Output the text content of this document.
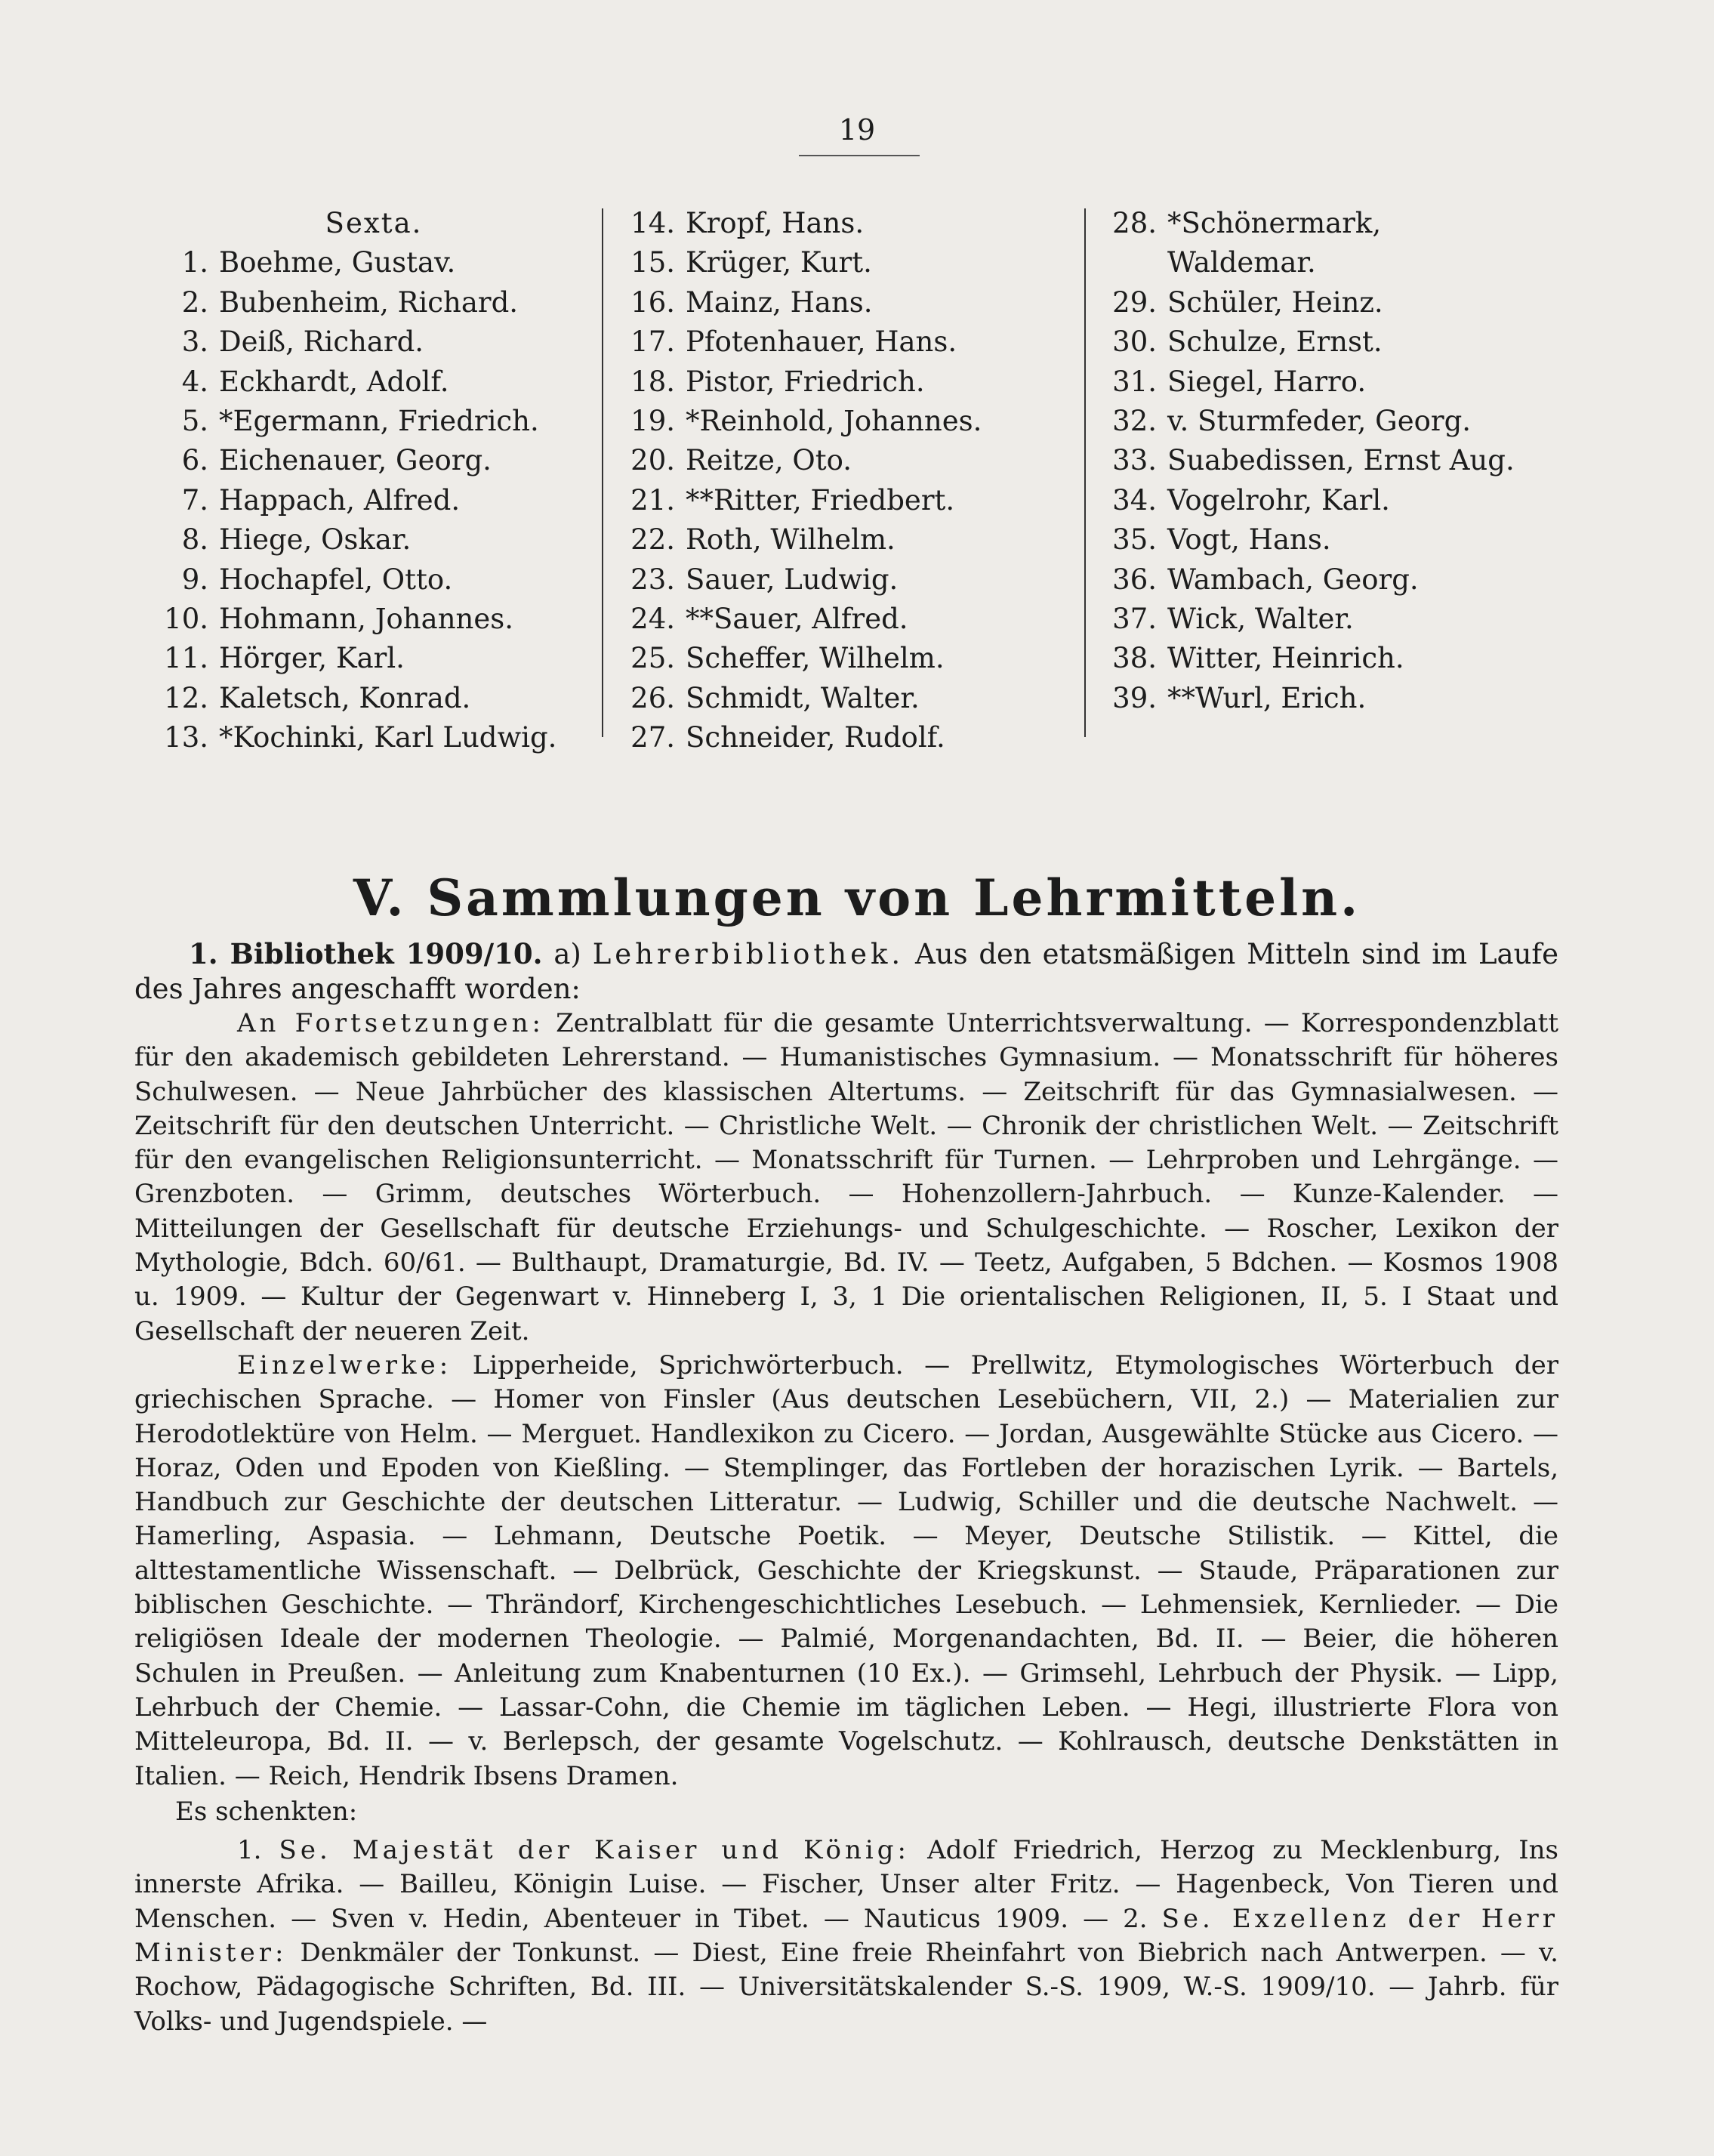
19
Sexta.
1. Boehme, Gustav.
2. Bubenheim, Richard.
3. Deiß, Richard.
4. Eckhardt, Adolf.
5. *Egermann, Friedrich.
6. Eichenauer, Georg.
7. Happach, Alfred.
8. Hiege, Oskar.
9. Hochapfel, Otto.
10. Hohmann, Johannes.
11. Hörger, Karl.
12. Kaletsch, Konrad.
13. *Kochinki, Karl Ludwig.
14. Kropf, Hans.
15. Krüger, Kurt.
16. Mainz, Hans.
17. Pfotenhauer, Hans.
18. Pistor, Friedrich.
19. *Reinhold, Johannes.
20. Reitze, Oto.
21. **Ritter, Friedbert.
22. Roth, Wilhelm.
23. Sauer, Ludwig.
24. **Sauer, Alfred.
25. Scheffer, Wilhelm.
26. Schmidt, Walter.
27. Schneider, Rudolf.
28. *Schönermark,
Waldemar.
29. Schüler, Heinz.
30. Schulze, Ernst.
31. Siegel, Harro.
32. v. Sturmfeder, Georg.
33. Suabedissen, Ernst Aug.
34. Vogelrohr, Karl.
35. Vogt, Hans.
36. Wambach, Georg.
37. Wick, Walter.
38. Witter, Heinrich.
39. **Wurl, Erich.
V. Sammlungen von Lehrmitteln.

1. Bibliothek 1909/10. a) Lehrerbibliothek. Aus den etatsmäßigen Mitteln sind im Laufe des Jahres angeschafft worden:

An Fortsetzungen: Zentralblatt für die gesamte Unterrichtsverwaltung. — Korrespondenzblatt für den akademisch gebildeten Lehrerstand. — Humanistisches Gymnasium. — Monatsschrift für höheres Schulwesen. — Neue Jahrbücher des klassischen Altertums. — Zeitschrift für das Gymnasialwesen. — Zeitschrift für den deutschen Unterricht. — Christliche Welt. — Chronik der christlichen Welt. — Zeitschrift für den evangelischen Religionsunterricht. — Monatsschrift für Turnen. — Lehrproben und Lehrgänge. — Grenzboten. — Grimm, deutsches Wörterbuch. — Hohenzollern-Jahrbuch. — Kunze-Kalender. — Mitteilungen der Gesellschaft für deutsche Erziehungs- und Schulgeschichte. — Roscher, Lexikon der Mythologie, Bdch. 60/61. — Bulthaupt, Dramaturgie, Bd. IV. — Teetz, Aufgaben, 5 Bdchen. — Kosmos 1908 u. 1909. — Kultur der Gegenwart v. Hinneberg I, 3, 1 Die orientalischen Religionen, II, 5. I Staat und Gesellschaft der neueren Zeit.

Einzelwerke: Lipperheide, Sprichwörterbuch. — Prellwitz, Etymologisches Wörterbuch der griechischen Sprache. — Homer von Finsler (Aus deutschen Lesebüchern, VII, 2.) — Materialien zur Herodotlektüre von Helm. — Merguet. Handlexikon zu Cicero. — Jordan, Ausgewählte Stücke aus Cicero. — Horaz, Oden und Epoden von Kießling. — Stemplinger, das Fortleben der horazischen Lyrik. — Bartels, Handbuch zur Geschichte der deutschen Litteratur. — Ludwig, Schiller und die deutsche Nachwelt. — Hamerling, Aspasia. — Lehmann, Deutsche Poetik. — Meyer, Deutsche Stilistik. — Kittel, die alttestamentliche Wissenschaft. — Delbrück, Geschichte der Kriegskunst. — Staude, Präparationen zur biblischen Geschichte. — Thrändorf, Kirchengeschichtliches Lesebuch. — Lehmensiek, Kernlieder. — Die religiösen Ideale der modernen Theologie. — Palmié, Morgenandachten, Bd. II. — Beier, die höheren Schulen in Preußen. — Anleitung zum Knabenturnen (10 Ex.). — Grimsehl, Lehrbuch der Physik. — Lipp, Lehrbuch der Chemie. — Lassar-Cohn, die Chemie im täglichen Leben. — Hegi, illustrierte Flora von Mitteleuropa, Bd. II. — v. Berlepsch, der gesamte Vogelschutz. — Kohlrausch, deutsche Denkstätten in Italien. — Reich, Hendrik Ibsens Dramen.

Es schenkten:

1. Se. Majestät der Kaiser und König: Adolf Friedrich, Herzog zu Mecklenburg, Ins innerste Afrika. — Bailleu, Königin Luise. — Fischer, Unser alter Fritz. — Hagenbeck, Von Tieren und Menschen. — Sven v. Hedin, Abenteuer in Tibet. — Nauticus 1909. — 2. Se. Exzellenz der Herr Minister: Denkmäler der Tonkunst. — Diest, Eine freie Rheinfahrt von Biebrich nach Antwerpen. — v. Rochow, Pädagogische Schriften, Bd. III. — Universitätskalender S.-S. 1909, W.-S. 1909/10. — Jahrb. für Volks- und Jugendspiele. —
